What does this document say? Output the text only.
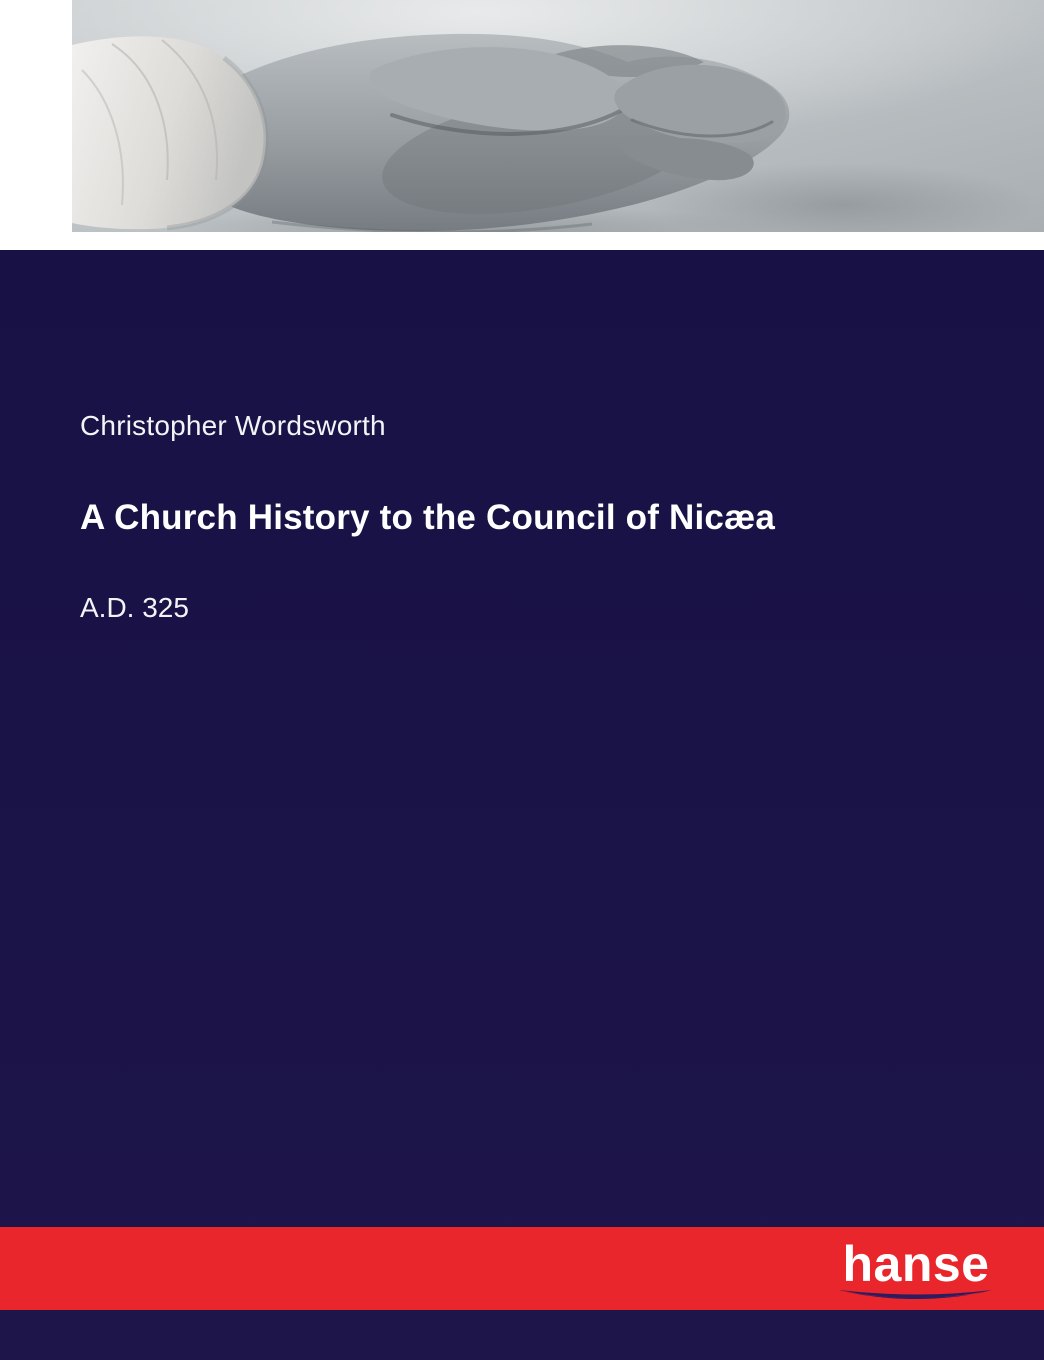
Christopher Wordsworth
A Church History to the Council of Nicæa
A.D. 325
hanse
